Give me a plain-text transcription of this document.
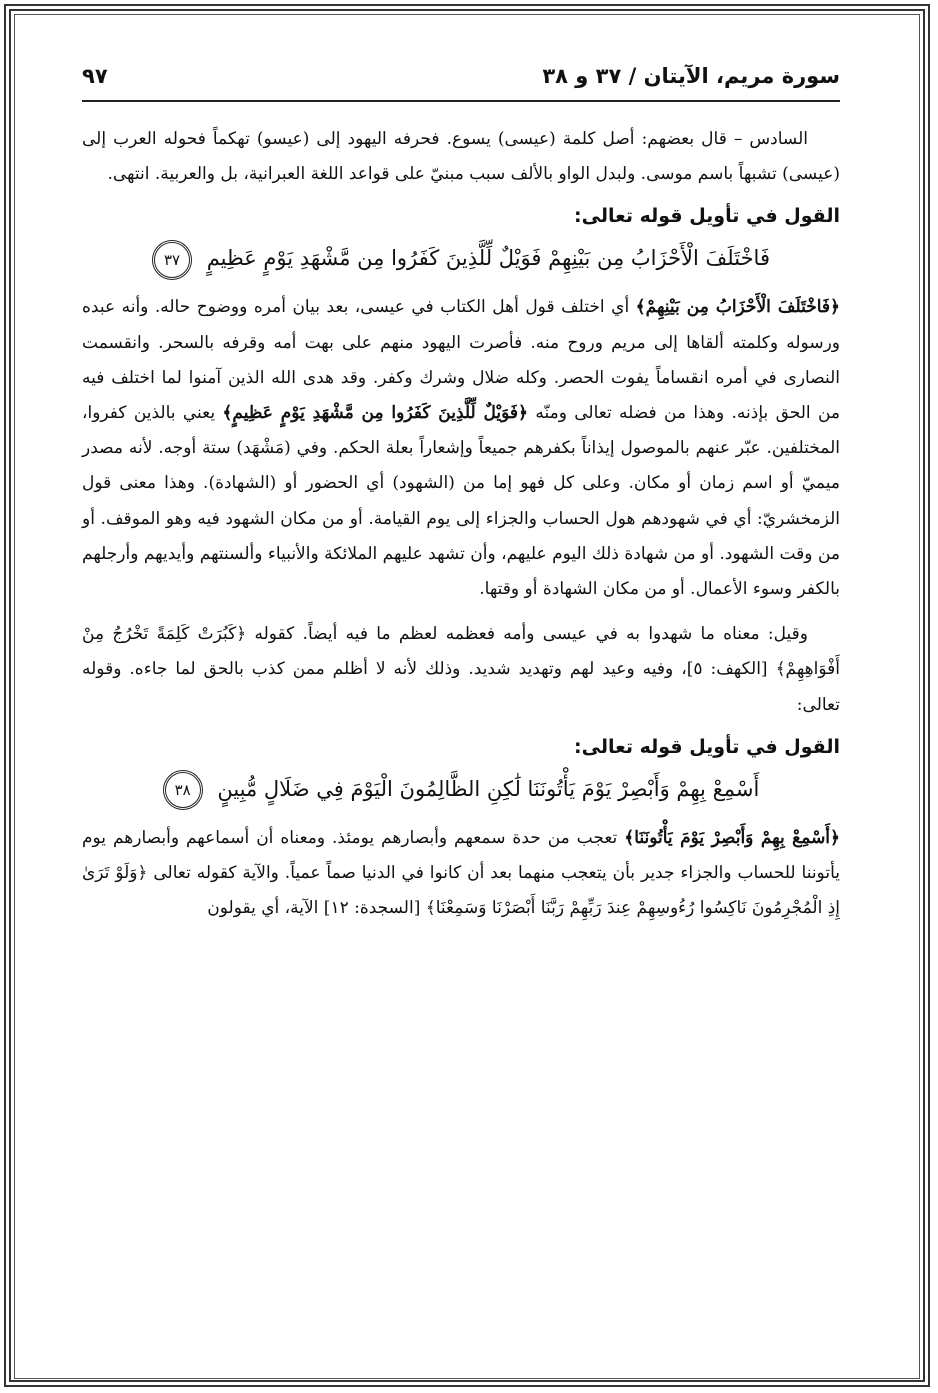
سورة مريم، الآيتان / ٣٧ و ٣٨
٩٧

السادس – قال بعضهم: أصل كلمة (عيسى) يسوع. فحرفه اليهود إلى (عيسو) تهكماً فحوله العرب إلى (عيسى) تشبهاً باسم موسى. ولبدل الواو بالألف سبب مبنيّ على قواعد اللغة العبرانية، بل والعربية. انتهى.

القول في تأويل قوله تعالى:

فَاخْتَلَفَ الْأَحْزَابُ مِن بَيْنِهِمْ فَوَيْلٌ لِّلَّذِينَ كَفَرُوا مِن مَّشْهَدِ يَوْمٍ عَظِيمٍ ٣٧

﴿فَاخْتَلَفَ الْأَحْزَابُ مِن بَيْنِهِمْ﴾ أي اختلف قول أهل الكتاب في عيسى، بعد بيان أمره ووضوح حاله. وأنه عبده ورسوله وكلمته ألقاها إلى مريم وروح منه. فأصرت اليهود منهم على بهت أمه وقرفه بالسحر. وانقسمت النصارى في أمره انقساماً يفوت الحصر. وكله ضلال وشرك وكفر. وقد هدى الله الذين آمنوا لما اختلف فيه من الحق بإذنه. وهذا من فضله تعالى ومنّه ﴿فَوَيْلٌ لِّلَّذِينَ كَفَرُوا مِن مَّشْهَدِ يَوْمٍ عَظِيمٍ﴾ يعني بالذين كفروا، المختلفين. عبّر عنهم بالموصول إيذاناً بكفرهم جميعاً وإشعاراً بعلة الحكم. وفي (مَشْهَد) ستة أوجه. لأنه مصدر ميميّ أو اسم زمان أو مكان. وعلى كل فهو إما من (الشهود) أي الحضور أو (الشهادة). وهذا معنى قول الزمخشريّ: أي في شهودهم هول الحساب والجزاء إلى يوم القيامة. أو من مكان الشهود فيه وهو الموقف. أو من وقت الشهود. أو من شهادة ذلك اليوم عليهم، وأن تشهد عليهم الملائكة والأنبياء وألسنتهم وأيديهم وأرجلهم بالكفر وسوء الأعمال. أو من مكان الشهادة أو وقتها.

وقيل: معناه ما شهدوا به في عيسى وأمه فعظمه لعظم ما فيه أيضاً. كقوله ﴿كَبُرَتْ كَلِمَةً تَخْرُجُ مِنْ أَفْوَاهِهِمْ﴾ [الكهف: ٥]، وفيه وعيد لهم وتهديد شديد. وذلك لأنه لا أظلم ممن كذب بالحق لما جاءه. وقوله تعالى:

القول في تأويل قوله تعالى:

أَسْمِعْ بِهِمْ وَأَبْصِرْ يَوْمَ يَأْتُونَنَا لَٰكِنِ الظَّالِمُونَ الْيَوْمَ فِي ضَلَالٍ مُّبِينٍ ٣٨

﴿أَسْمِعْ بِهِمْ وَأَبْصِرْ يَوْمَ يَأْتُونَنَا﴾ تعجب من حدة سمعهم وأبصارهم يومئذ. ومعناه أن أسماعهم وأبصارهم يوم يأتوننا للحساب والجزاء جدير بأن يتعجب منهما بعد أن كانوا في الدنيا صماً عمياً. والآية كقوله تعالى ﴿وَلَوْ تَرَىٰ إِذِ الْمُجْرِمُونَ نَاكِسُوا رُءُوسِهِمْ عِندَ رَبِّهِمْ رَبَّنَا أَبْصَرْنَا وَسَمِعْنَا﴾ [السجدة: ١٢] الآية، أي يقولون
